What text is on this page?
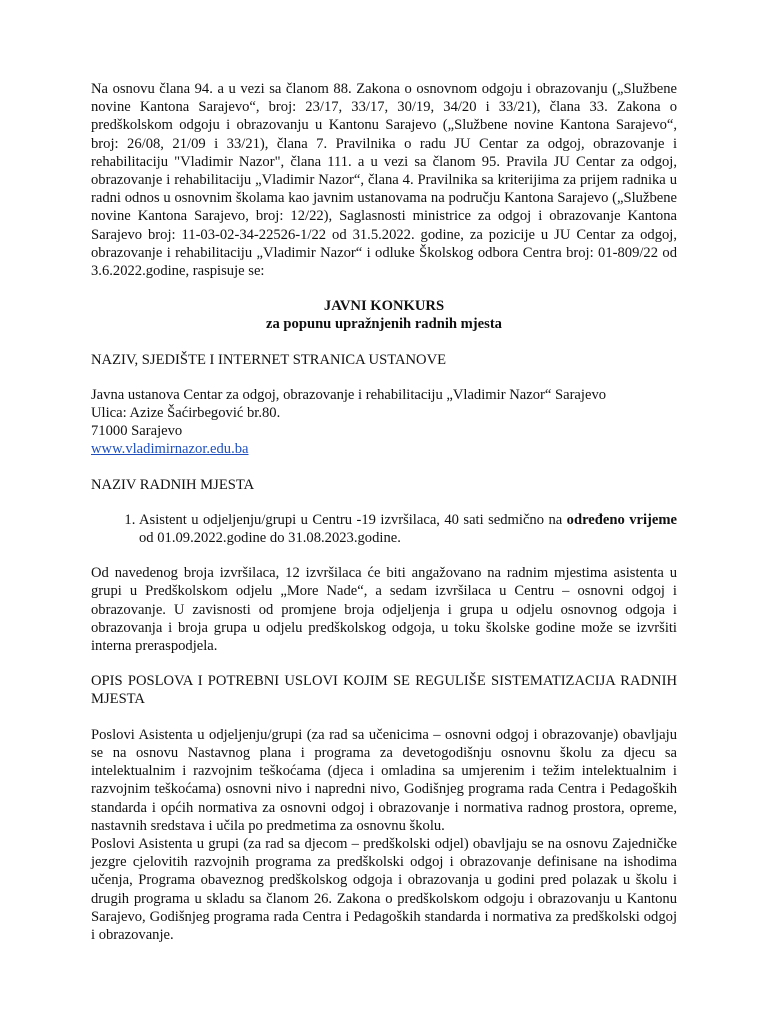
Na osnovu člana 94. a u vezi sa članom 88. Zakona o osnovnom odgoju i obrazovanju („Službene novine Kantona Sarajevo“, broj: 23/17, 33/17, 30/19, 34/20 i 33/21), člana 33. Zakona o predškolskom odgoju i obrazovanju u Kantonu Sarajevo („Službene novine Kantona Sarajevo“, broj: 26/08, 21/09 i 33/21), člana 7. Pravilnika o radu JU Centar za odgoj, obrazovanje i rehabilitaciju "Vladimir Nazor", člana 111. a u vezi sa članom 95. Pravila JU Centar za odgoj, obrazovanje i rehabilitaciju „Vladimir Nazor“, člana 4. Pravilnika sa kriterijima za prijem radnika u radni odnos u osnovnim školama kao javnim ustanovama na području Kantona Sarajevo („Službene novine Kantona Sarajevo, broj: 12/22), Saglasnosti ministrice za odgoj i obrazovanje Kantona Sarajevo broj: 11-03-02-34-22526-1/22 od 31.5.2022. godine, za pozicije u JU Centar za odgoj, obrazovanje i rehabilitaciju „Vladimir Nazor“ i odluke Školskog odbora Centra broj: 01-809/22 od 3.6.2022.godine, raspisuje se:

JAVNI KONKURS

za popunu upražnjenih radnih mjesta

NAZIV, SJEDIŠTE I INTERNET STRANICA USTANOVE

Javna ustanova Centar za odgoj, obrazovanje i rehabilitaciju „Vladimir Nazor“ Sarajevo
Ulica: Azize Šaćirbegović br.80.
71000 Sarajevo
www.vladimirnazor.edu.ba

NAZIV RADNIH MJESTA

1. Asistent u odjeljenju/grupi u Centru -19 izvršilaca, 40 sati sedmično na određeno vrijeme od 01.09.2022.godine do 31.08.2023.godine.

Od navedenog broja izvršilaca, 12 izvršilaca će biti angažovano na radnim mjestima asistenta u grupi u Predškolskom odjelu „More Nade“, a sedam izvršilaca u Centru – osnovni odgoj i obrazovanje. U zavisnosti od promjene broja odjeljenja i grupa u odjelu osnovnog odgoja i obrazovanja i broja grupa u odjelu predškolskog odgoja, u toku školske godine može se izvršiti interna preraspodjela.

OPIS POSLOVA I POTREBNI USLOVI KOJIM SE REGULIŠE SISTEMATIZACIJA RADNIH MJESTA

Poslovi Asistenta u odjeljenju/grupi (za rad sa učenicima – osnovni odgoj i obrazovanje) obavljaju se na osnovu Nastavnog plana i programa za devetogodišnju osnovnu školu za djecu sa intelektualnim i razvojnim teškoćama (djeca i omladina sa umjerenim i težim intelektualnim i razvojnim teškoćama) osnovni nivo i napredni nivo, Godišnjeg programa rada Centra i Pedagoških standarda i općih normativa za osnovni odgoj i obrazovanje i normativa radnog prostora, opreme, nastavnih sredstava i učila po predmetima za osnovnu školu.

Poslovi Asistenta u grupi (za rad sa djecom – predškolski odjel) obavljaju se na osnovu Zajedničke jezgre cjelovitih razvojnih programa za predškolski odgoj i obrazovanje definisane na ishodima učenja, Programa obaveznog predškolskog odgoja i obrazovanja u godini pred polazak u školu i drugih programa u skladu sa članom 26. Zakona o predškolskom odgoju i obrazovanju u Kantonu Sarajevo, Godišnjeg programa rada Centra i Pedagoških standarda i normativa za predškolski odgoj i obrazovanje.
